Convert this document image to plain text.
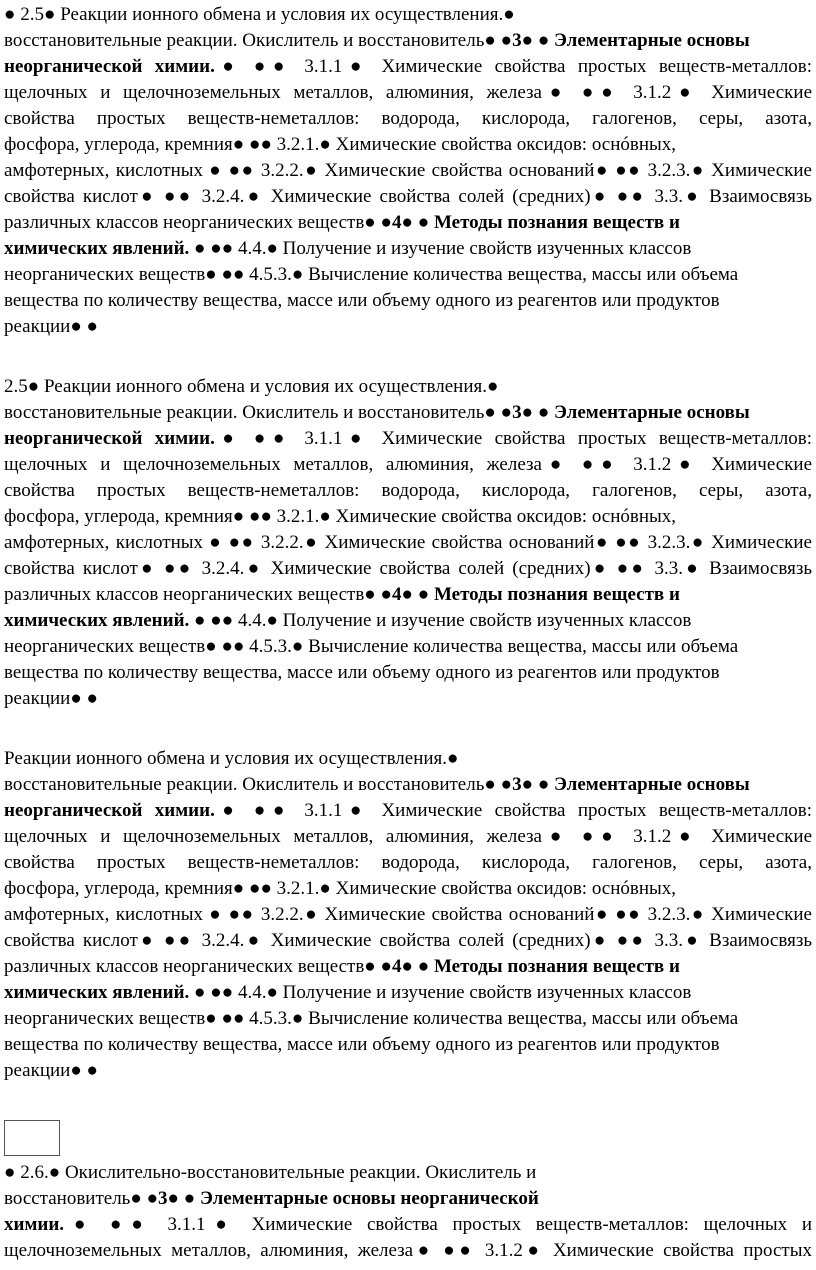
● 2.5● Реакции ионного обмена и условия их осуществления.●
восстановительные реакции. Окислитель и восстановитель● ●3● ● Элементарные основы
неорганической химии.● ●● 3.1.1● Химические свойства простых веществ-металлов:
щелочных и щелочноземельных металлов, алюминия, железа● ●● 3.1.2● Химические
свойства простых веществ-неметаллов: водорода, кислорода, галогенов, серы, азота,
фосфора, углерода, кремния● ●● 3.2.1.● Химические свойства оксидов: оснóвных,
амфотерных, кислотных ● ●● 3.2.2.● Химические свойства оснований● ●● 3.2.3.● Химические
свойства кислот● ●● 3.2.4.● Химические свойства солей (средних)● ●● 3.3.● Взаимосвязь
различных классов неорганических веществ● ●4● ● Методы познания веществ и
химических явлений. ● ●● 4.4.● Получение и изучение свойств изученных классов
неорганических веществ● ●● 4.5.3.● Вычисление количества вещества, массы или объема
вещества по количеству вещества, массе или объему одного из реагентов или продуктов
реакции● ●
2.5● Реакции ионного обмена и условия их осуществления.●
восстановительные реакции. Окислитель и восстановитель● ●3● ● Элементарные основы
неорганической химии.● ●● 3.1.1● Химические свойства простых веществ-металлов:
щелочных и щелочноземельных металлов, алюминия, железа● ●● 3.1.2● Химические
свойства простых веществ-неметаллов: водорода, кислорода, галогенов, серы, азота,
фосфора, углерода, кремния● ●● 3.2.1.● Химические свойства оксидов: оснóвных,
амфотерных, кислотных ● ●● 3.2.2.● Химические свойства оснований● ●● 3.2.3.● Химические
свойства кислот● ●● 3.2.4.● Химические свойства солей (средних)● ●● 3.3.● Взаимосвязь
различных классов неорганических веществ● ●4● ● Методы познания веществ и
химических явлений. ● ●● 4.4.● Получение и изучение свойств изученных классов
неорганических веществ● ●● 4.5.3.● Вычисление количества вещества, массы или объема
вещества по количеству вещества, массе или объему одного из реагентов или продуктов
реакции● ●
Реакции ионного обмена и условия их осуществления.●
восстановительные реакции. Окислитель и восстановитель● ●3● ● Элементарные основы
неорганической химии.● ●● 3.1.1● Химические свойства простых веществ-металлов:
щелочных и щелочноземельных металлов, алюминия, железа● ●● 3.1.2● Химические
свойства простых веществ-неметаллов: водорода, кислорода, галогенов, серы, азота,
фосфора, углерода, кремния● ●● 3.2.1.● Химические свойства оксидов: оснóвных,
амфотерных, кислотных ● ●● 3.2.2.● Химические свойства оснований● ●● 3.2.3.● Химические
свойства кислот● ●● 3.2.4.● Химические свойства солей (средних)● ●● 3.3.● Взаимосвязь
различных классов неорганических веществ● ●4● ● Методы познания веществ и
химических явлений. ● ●● 4.4.● Получение и изучение свойств изученных классов
неорганических веществ● ●● 4.5.3.● Вычисление количества вещества, массы или объема
вещества по количеству вещества, массе или объему одного из реагентов или продуктов
реакции● ●
● 2.6.● Окислительно-восстановительные реакции. Окислитель и
восстановитель● ●3● ● Элементарные основы неорганической
химии.● ●● 3.1.1● Химические свойства простых веществ-металлов: щелочных и
щелочноземельных металлов, алюминия, железа● ●● 3.1.2● Химические свойства простых
